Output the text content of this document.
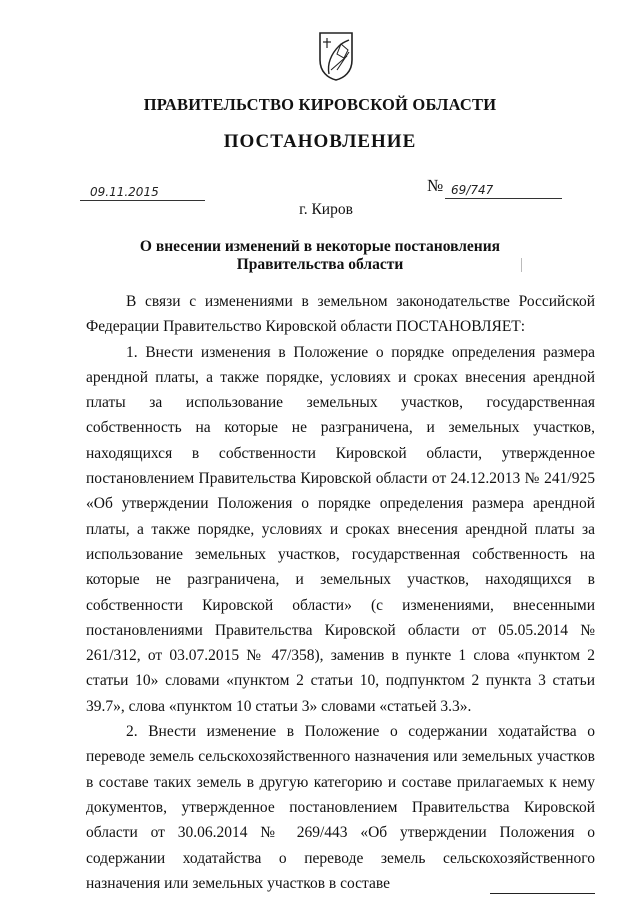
ПРАВИТЕЛЬСТВО КИРОВСКОЙ ОБЛАСТИ
ПОСТАНОВЛЕНИЕ
09.11.2015	№ 69/747
г. Киров
О внесении изменений в некоторые постановления
Правительства области

В связи с изменениями в земельном законодательстве Российской Федерации Правительство Кировской области ПОСТАНОВЛЯЕТ:

1. Внести изменения в Положение о порядке определения размера арендной платы, а также порядке, условиях и сроках внесения арендной платы за использование земельных участков, государственная собственность на которые не разграничена, и земельных участков, находящихся в собственности Кировской области, утвержденное постановлением Правительства Кировской области от 24.12.2013 № 241/925 «Об утверждении Положения о порядке определения размера арендной платы, а также порядке, условиях и сроках внесения арендной платы за использование земельных участков, государственная собственность на которые не разграничена, и земельных участков, находящихся в собственности Кировской области» (с изменениями, внесенными постановлениями Правительства Кировской области от 05.05.2014 № 261/312, от 03.07.2015 № 47/358), заменив в пункте 1 слова «пунктом 2 статьи 10» словами «пунктом 2 статьи 10, подпунктом 2 пункта 3 статьи 39.7», слова «пунктом 10 статьи 3» словами «статьей 3.3».

2. Внести изменение в Положение о содержании ходатайства о переводе земель сельскохозяйственного назначения или земельных участков в составе таких земель в другую категорию и составе прилагаемых к нему документов, утвержденное постановлением Правительства Кировской области от 30.06.2014 № 269/443 «Об утверждении Положения о содержании ходатайства о переводе земель сельскохозяйственного назначения или земельных участков в составе
